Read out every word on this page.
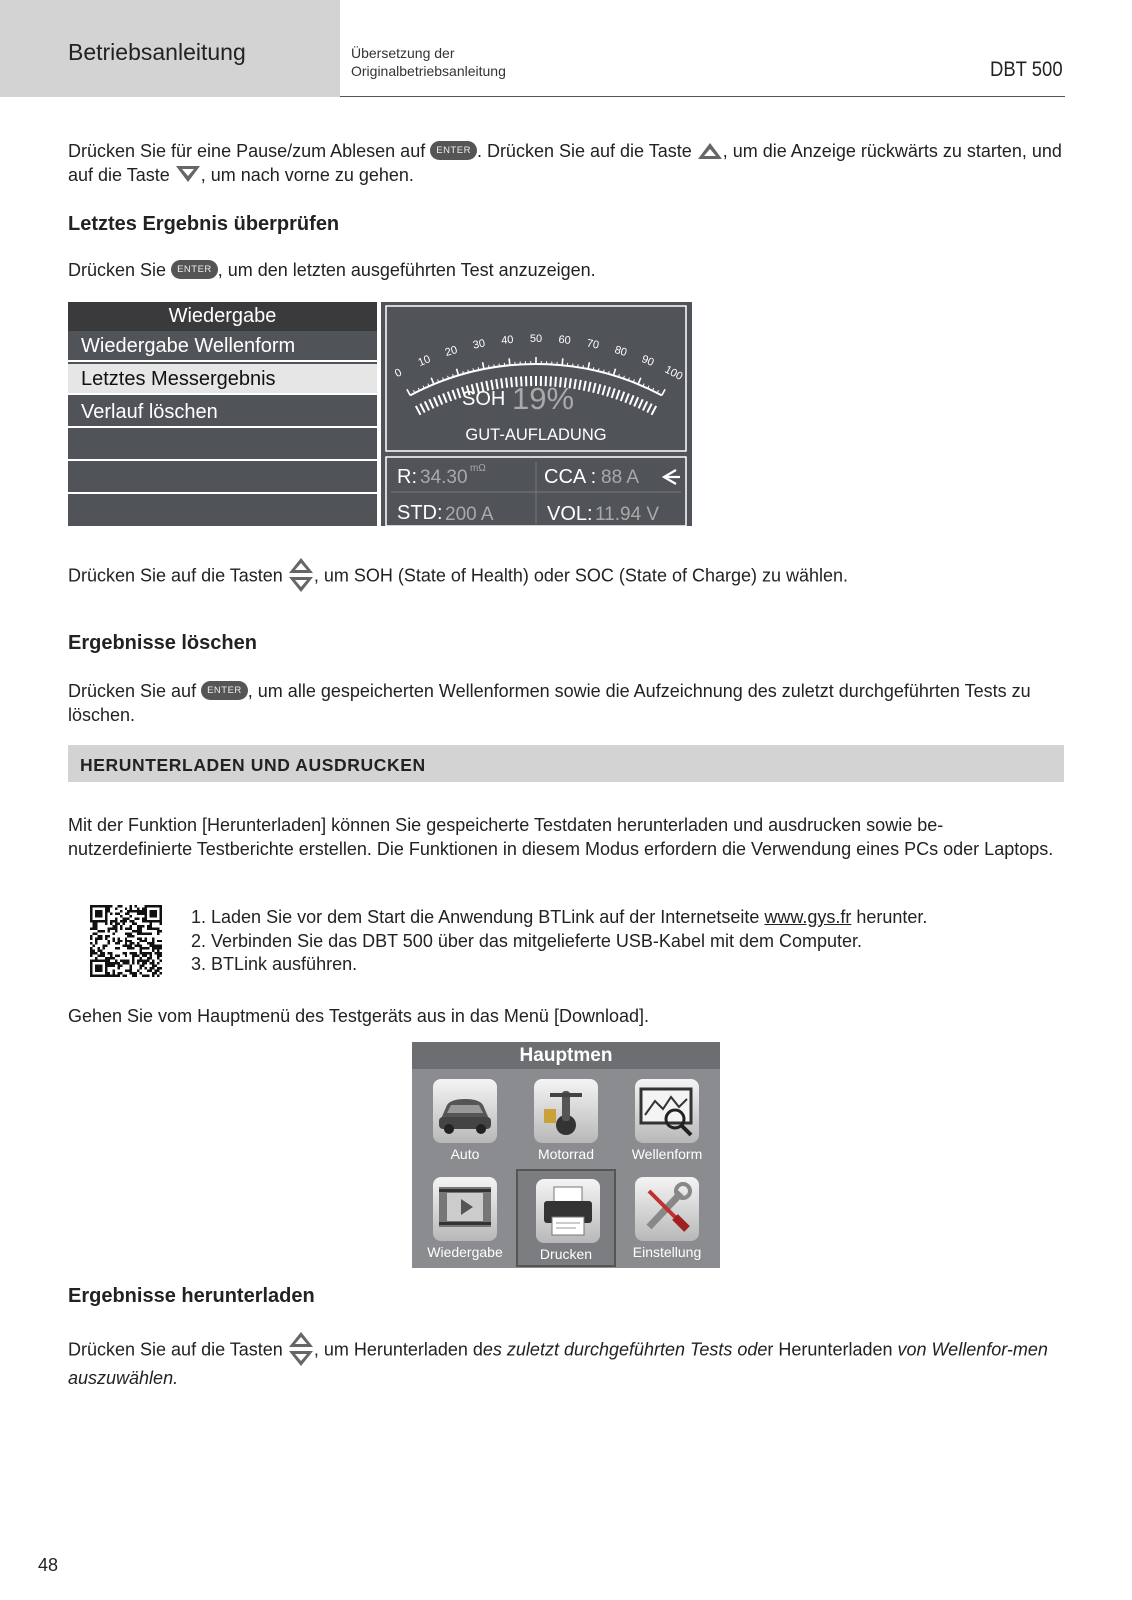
Betriebsanleitung	Übersetzung der
Originalbetriebsanleitung	DBT 500
Drücken Sie für eine Pause/zum Ablesen auf ENTER . Drücken Sie auf die Taste , um die Anzeige rückwärts zu starten, und auf die Taste , um nach vorne zu gehen.
Letztes Ergebnis überprüfen
Drücken Sie ENTER , um den letzten ausgeführten Test anzuzeigen.
Wiedergabe
Wiedergabe Wellenform
Letztes Messergebnis
Verlauf löschen
0
10
20 30 40 50 60 70 80
90
100
SOH 19%
GUT-AUFLADUNG
R: 34.30 mΩ	CCA : 88 A
STD: 200 A	VOL: 11.94 V
Drücken Sie auf die Tasten , um SOH (State of Health) oder SOC (State of Charge) zu wählen.
Ergebnisse löschen
Drücken Sie auf ENTER , um alle gespeicherten Wellenformen sowie die Aufzeichnung des zuletzt durchgeführten Tests zu löschen.
HERUNTERLADEN UND AUSDRUCKEN
Mit der Funktion [Herunterladen] können Sie gespeicherte Testdaten herunterladen und ausdrucken sowie be-nutzerdefinierte Testberichte erstellen. Die Funktionen in diesem Modus erfordern die Verwendung eines PCs oder Laptops.
1. Laden Sie vor dem Start die Anwendung BTLink auf der Internetseite www.gys.fr herunter.
2. Verbinden Sie das DBT 500 über das mitgelieferte USB-Kabel mit dem Computer.
3. BTLink ausführen.
Gehen Sie vom Hauptmenü des Testgeräts aus in das Menü [Download].
Hauptmen
Auto	Motorrad	Wellenform
Wiedergabe	Drucken	Einstellung
Ergebnisse herunterladen
Drücken Sie auf die Tasten , um Herunterladen des zuletzt durchgeführten Tests oder Herunterladen von Wellenfor-men auszuwählen.
48
